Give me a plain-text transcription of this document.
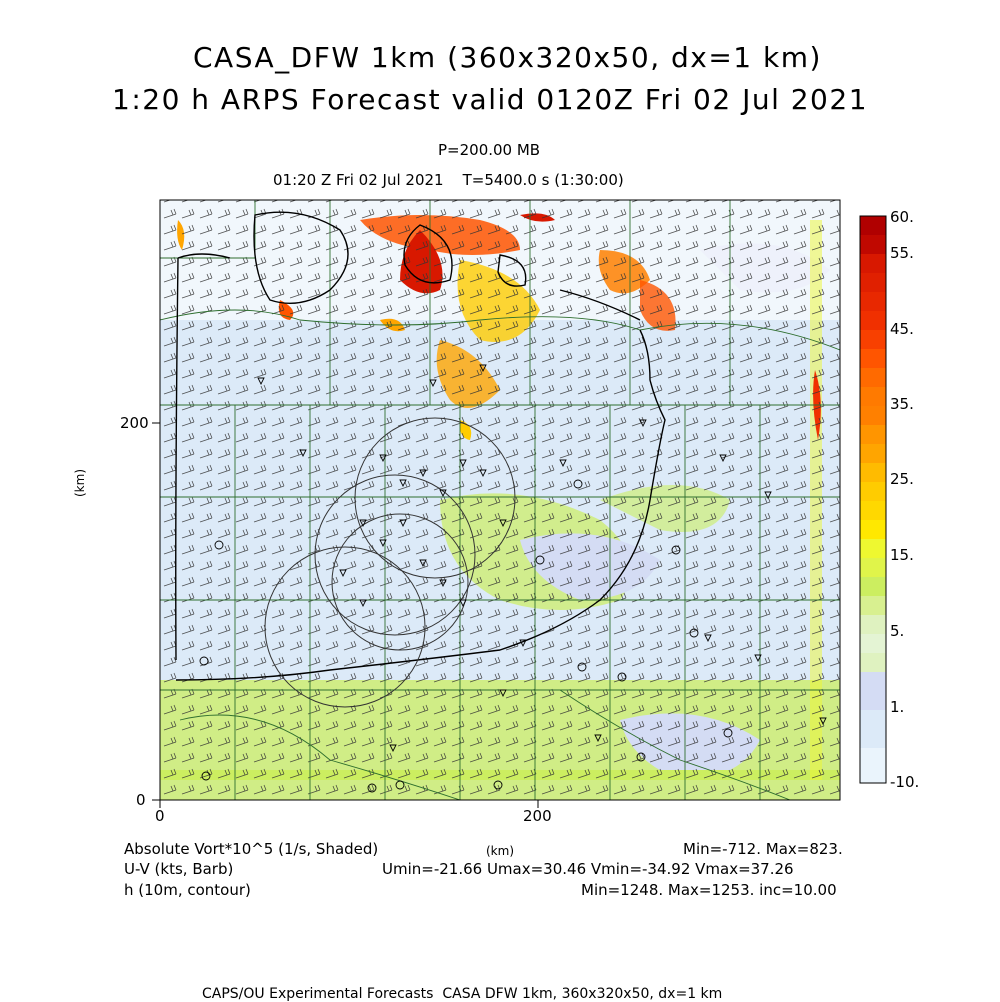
CASA_DFW 1km (360x320x50, dx=1 km)
1:20 h ARPS Forecast valid 0120Z Fri 02 Jul 2021
P=200.00 MB
01:20 Z Fri 02 Jul 2021    T=5400.0 s (1:30:00)
(km)
(km)
0
200
0	200
60.
55.
45.
35.
25.
15.
5.
1.
-10.
Absolute Vort*10^5 (1/s, Shaded)	Min=-712. Max=823.
U-V (kts, Barb)	Umin=-21.66 Umax=30.46 Vmin=-34.92 Vmax=37.26
h (10m, contour)	Min=1248. Max=1253. inc=10.00
CAPS/OU Experimental Forecasts  CASA DFW 1km, 360x320x50, dx=1 km
